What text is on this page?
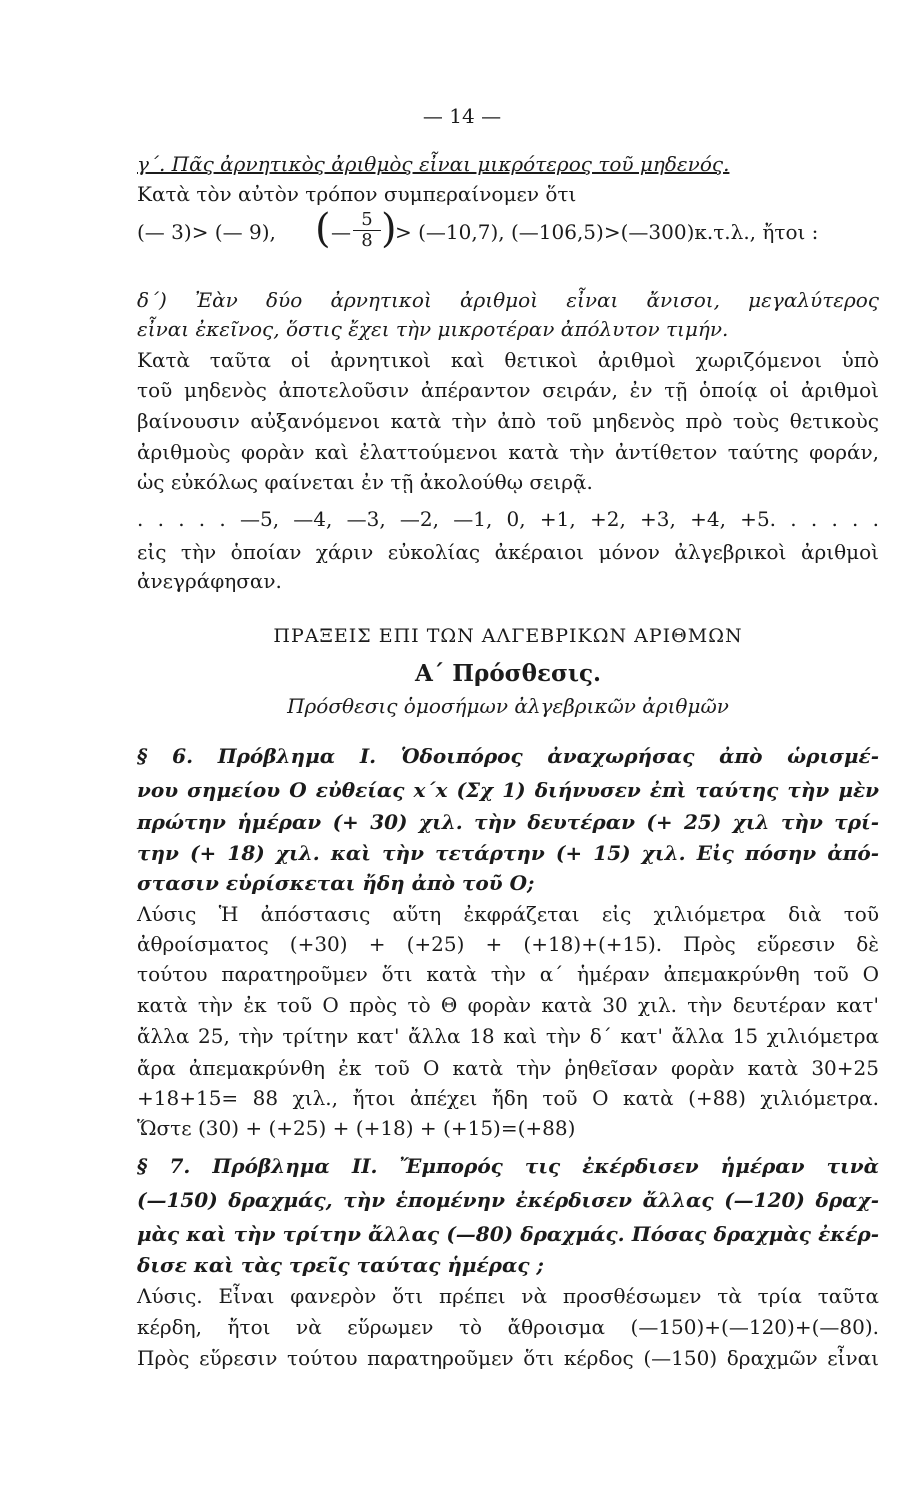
— 14 —
γ΄. Πᾶς ἀρνητικὸς ἀριθμὸς εἶναι μικρότερος τοῦ μηδενός.
Κατὰ τὸν αὐτὸν τρόπον συμπεραίνομεν ὅτι
(— 3)> (— 9), ( — $\frac{5}{8}$ )
> (—10,7), (—106,5)>(—300)κ.τ.λ., ἤτοι :
δ΄) Ἐὰν δύο ἀρνητικοὶ ἀριθμοὶ εἶναι ἄνισοι, μεγαλύτερος
εἶναι ἐκεῖνος, ὅστις ἔχει τὴν μικροτέραν ἀπόλυτον τιμήν.
Κατὰ ταῦτα οἱ ἀρνητικοὶ καὶ θετικοὶ ἀριθμοὶ χωριζόμενοι ὑπὸ
τοῦ μηδενὸς ἀποτελοῦσιν ἀπέραντον σειράν, ἐν τῇ ὁποίᾳ οἱ ἀριθμοὶ
βαίνουσιν αὐξανόμενοι κατὰ τὴν ἀπὸ τοῦ μηδενὸς πρὸ τοὺς θετικοὺς
ἀριθμοὺς φορὰν καὶ ἐλαττούμενοι κατὰ τὴν ἀντίθετον ταύτης φοράν,
ὡς εὐκόλως φαίνεται ἐν τῇ ἀκολούθῳ σειρᾷ.
. . . . . —5, —4, —3, —2, —1, 0, +1, +2, +3, +4, +5. . . . . .
εἰς τὴν ὁποίαν χάριν εὐκολίας ἀκέραιοι μόνον ἀλγεβρικοὶ ἀριθμοὶ
ἀνεγράφησαν.
ΠΡΑΞΕΙΣ ΕΠΙ ΤΩΝ ΑΛΓΕΒΡΙΚΩΝ ΑΡΙΘΜΩΝ
Α΄ Πρόσθεσις.
Πρόσθεσις ὁμοσήμων ἀλγεβρικῶν ἀριθμῶν
§ 6. Πρόβλημα Ι. Ὁδοιπόρος ἀναχωρήσας ἀπὸ ὡρισμέ-
νου σημείου Ο εὐθείας x΄x (Σχ 1) διήνυσεν ἐπὶ ταύτης τὴν μὲν
πρώτην ἡμέραν (+ 30) χιλ. τὴν δευτέραν (+ 25) χιλ τὴν τρί-
την (+ 18) χιλ. καὶ τὴν τετάρτην (+ 15) χιλ. Εἰς πόσην ἀπό-
στασιν εὑρίσκεται ἤδη ἀπὸ τοῦ Ο;
Λύσις Ἡ ἀπόστασις αὕτη ἐκφράζεται εἰς χιλιόμετρα διὰ τοῦ
ἀθροίσματος (+30) + (+25) + (+18)+(+15). Πρὸς εὕρεσιν δὲ
τούτου παρατηροῦμεν ὅτι κατὰ τὴν α΄ ἡμέραν ἀπεμακρύνθη τοῦ Ο
κατὰ τὴν ἐκ τοῦ Ο πρὸς τὸ Θ φορὰν κατὰ 30 χιλ. τὴν δευτέραν κατ'
ἄλλα 25, τὴν τρίτην κατ' ἄλλα 18 καὶ τὴν δ΄ κατ' ἄλλα 15 χιλιόμετρα
ἄρα ἀπεμακρύνθη ἐκ τοῦ Ο κατὰ τὴν ῥηθεῖσαν φορὰν κατὰ 30+25
+18+15= 88 χιλ., ἤτοι ἀπέχει ἤδη τοῦ Ο κατὰ (+88) χιλιόμετρα.
Ὥστε (30) + (+25) + (+18) + (+15)=(+88)
§ 7. Πρόβλημα ΙΙ. Ἔμπορός τις ἐκέρδισεν ἡμέραν τινὰ
(—150) δραχμάς, τὴν ἑπομένην ἐκέρδισεν ἄλλας (—120) δραχ-
μὰς καὶ τὴν τρίτην ἄλλας (—80) δραχμάς. Πόσας δραχμὰς ἐκέρ-
δισε καὶ τὰς τρεῖς ταύτας ἡμέρας ;
Λύσις. Εἶναι φανερὸν ὅτι πρέπει νὰ προσθέσωμεν τὰ τρία ταῦτα
κέρδη, ἤτοι νὰ εὕρωμεν τὸ ἄθροισμα (—150)+(—120)+(—80).
Πρὸς εὕρεσιν τούτου παρατηροῦμεν ὅτι κέρδος (—150) δραχμῶν εἶναι
